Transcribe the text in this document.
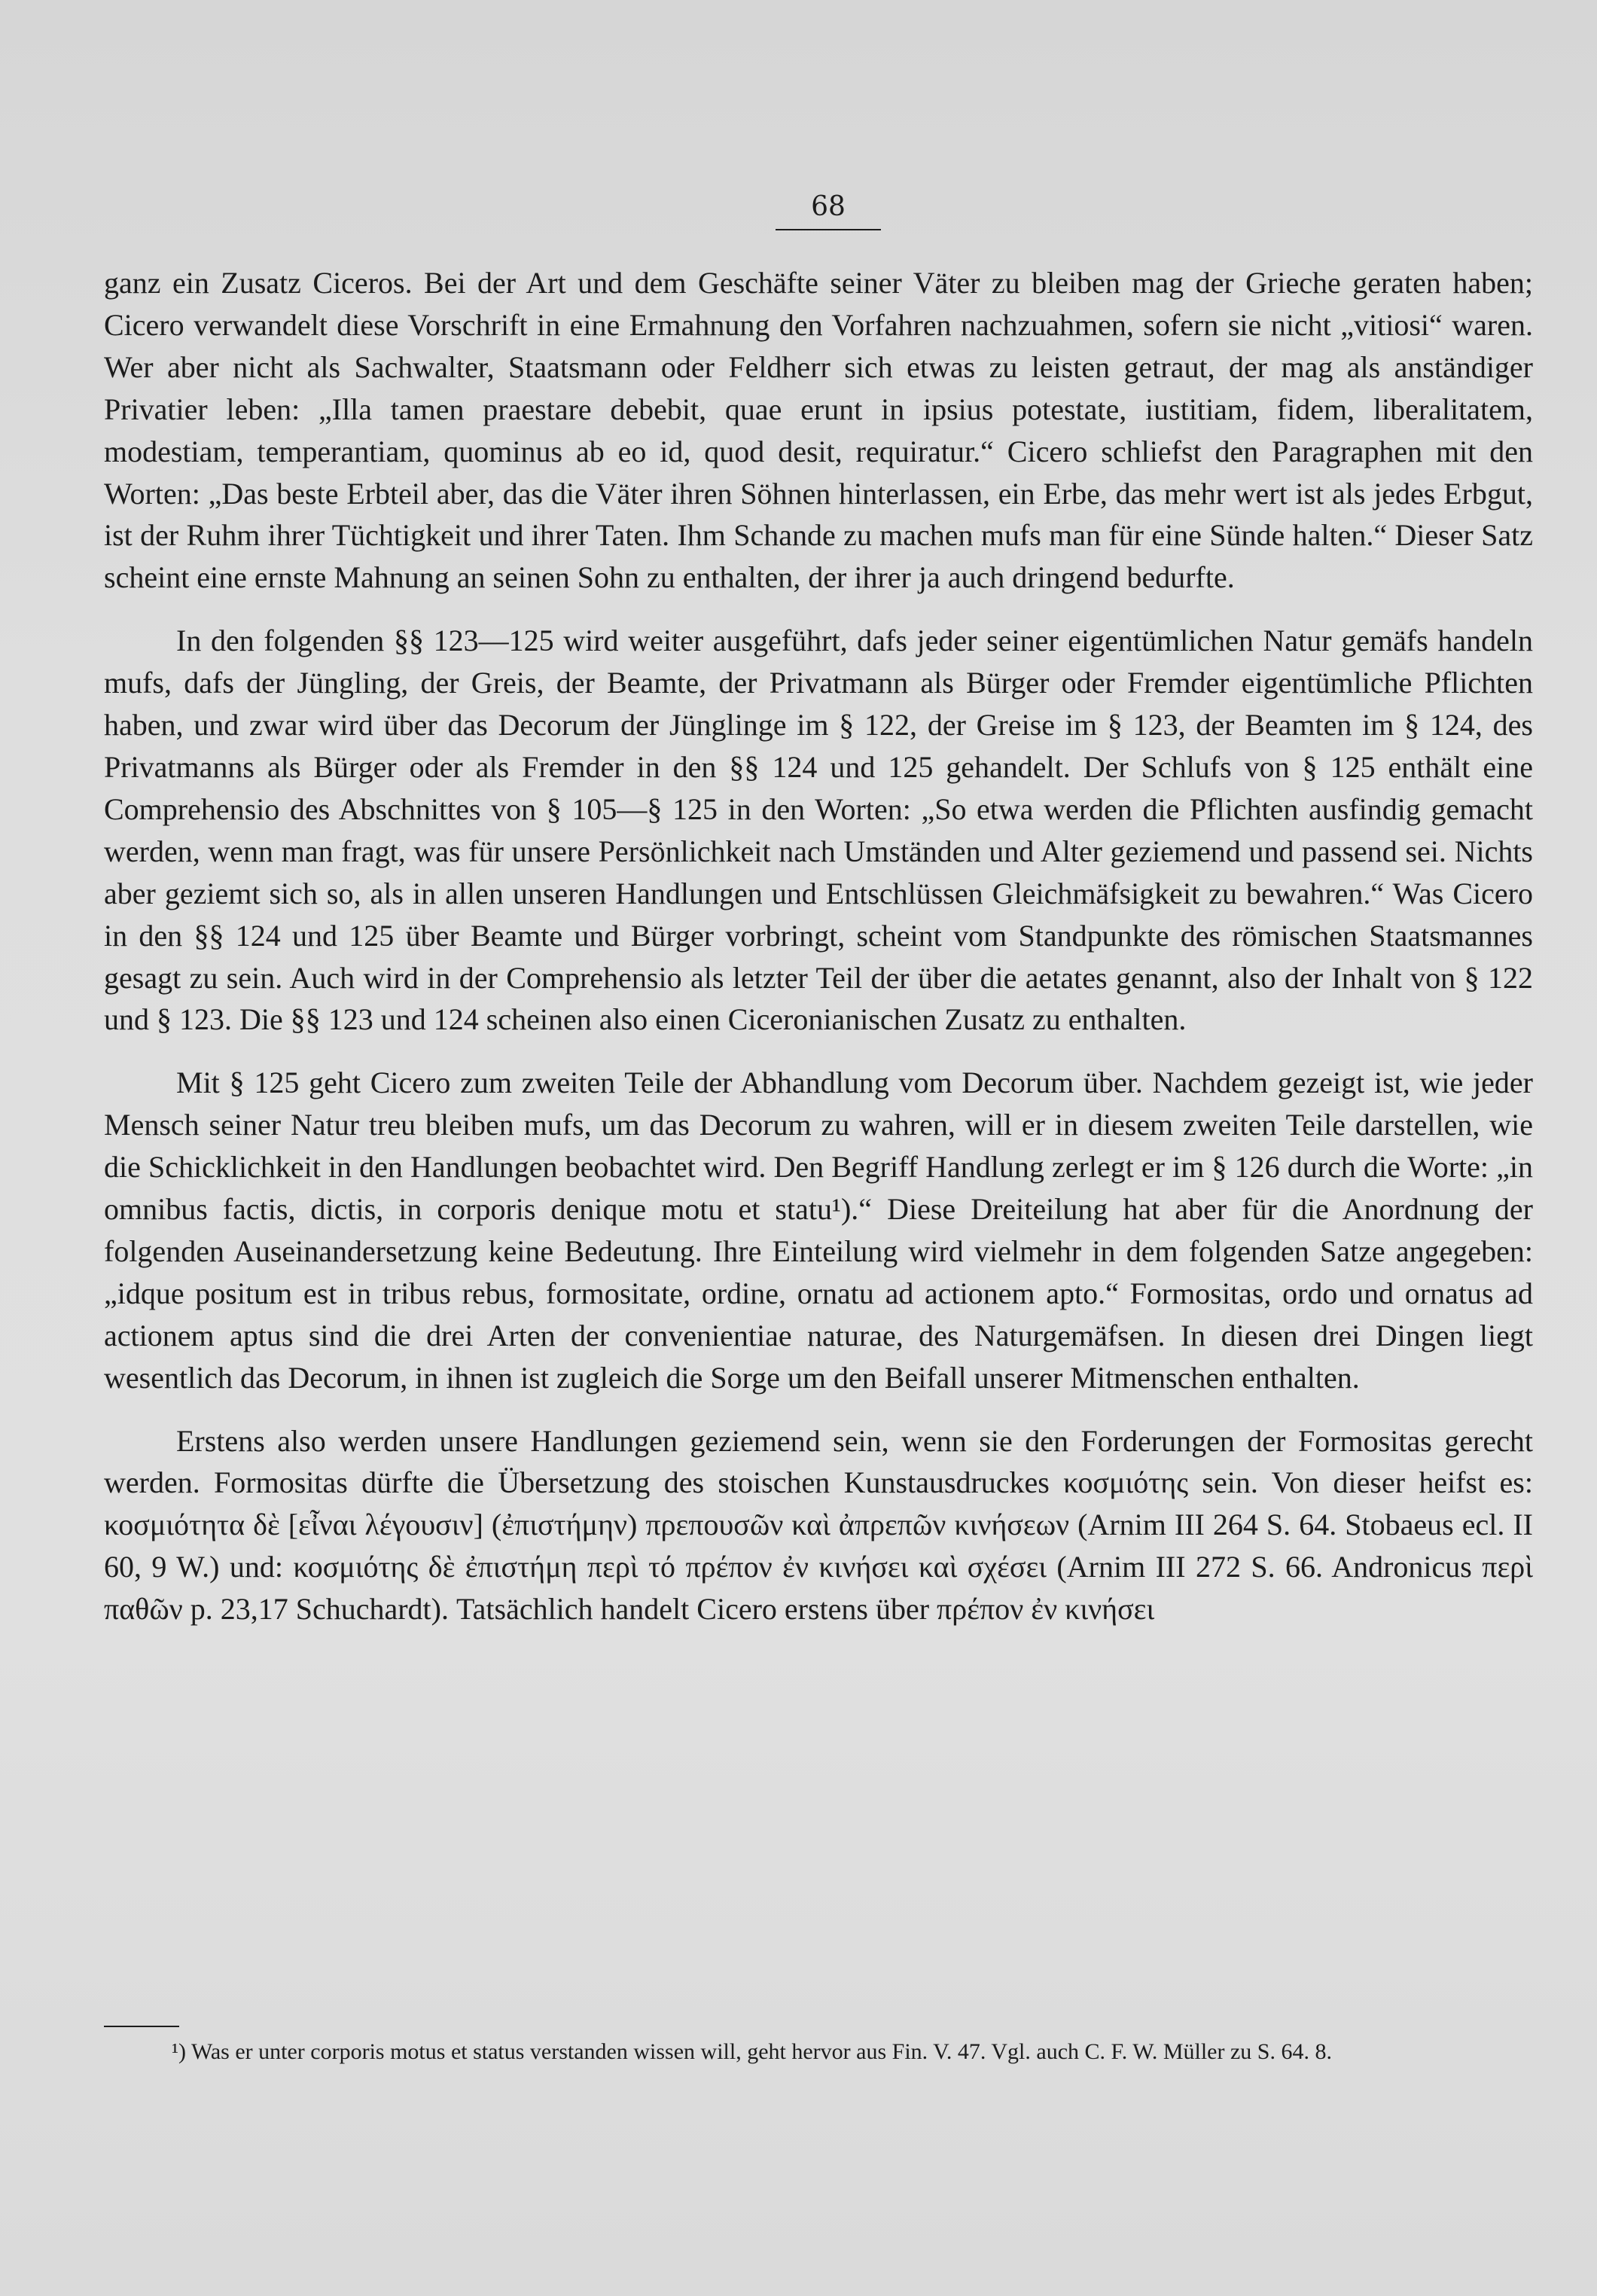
68

ganz ein Zusatz Ciceros. Bei der Art und dem Geschäfte seiner Väter zu bleiben mag der Grieche geraten haben; Cicero verwandelt diese Vorschrift in eine Ermahnung den Vorfahren nachzuahmen, sofern sie nicht „vitiosi“ waren. Wer aber nicht als Sachwalter, Staatsmann oder Feldherr sich etwas zu leisten getraut, der mag als anständiger Privatier leben: „Illa tamen praestare debebit, quae erunt in ipsius potestate, iustitiam, fidem, liberalitatem, modestiam, temperantiam, quominus ab eo id, quod desit, requiratur.“ Cicero schliefst den Paragraphen mit den Worten: „Das beste Erbteil aber, das die Väter ihren Söhnen hinterlassen, ein Erbe, das mehr wert ist als jedes Erbgut, ist der Ruhm ihrer Tüchtigkeit und ihrer Taten. Ihm Schande zu machen mufs man für eine Sünde halten.“ Dieser Satz scheint eine ernste Mahnung an seinen Sohn zu enthalten, der ihrer ja auch dringend bedurfte.

In den folgenden §§ 123—125 wird weiter ausgeführt, dafs jeder seiner eigentümlichen Natur gemäfs handeln mufs, dafs der Jüngling, der Greis, der Beamte, der Privatmann als Bürger oder Fremder eigentümliche Pflichten haben, und zwar wird über das Decorum der Jünglinge im § 122, der Greise im § 123, der Beamten im § 124, des Privatmanns als Bürger oder als Fremder in den §§ 124 und 125 gehandelt. Der Schlufs von § 125 enthält eine Comprehensio des Abschnittes von § 105—§ 125 in den Worten: „So etwa werden die Pflichten ausfindig gemacht werden, wenn man fragt, was für unsere Persönlichkeit nach Umständen und Alter geziemend und passend sei. Nichts aber geziemt sich so, als in allen unseren Handlungen und Entschlüssen Gleichmäfsigkeit zu bewahren.“ Was Cicero in den §§ 124 und 125 über Beamte und Bürger vorbringt, scheint vom Standpunkte des römischen Staatsmannes gesagt zu sein. Auch wird in der Comprehensio als letzter Teil der über die aetates genannt, also der Inhalt von § 122 und § 123. Die §§ 123 und 124 scheinen also einen Ciceronianischen Zusatz zu enthalten.

Mit § 125 geht Cicero zum zweiten Teile der Abhandlung vom Decorum über. Nachdem gezeigt ist, wie jeder Mensch seiner Natur treu bleiben mufs, um das Decorum zu wahren, will er in diesem zweiten Teile darstellen, wie die Schicklichkeit in den Handlungen beobachtet wird. Den Begriff Handlung zerlegt er im § 126 durch die Worte: „in omnibus factis, dictis, in corporis denique motu et statu¹).“ Diese Dreiteilung hat aber für die Anordnung der folgenden Auseinandersetzung keine Bedeutung. Ihre Einteilung wird vielmehr in dem folgenden Satze angegeben: „idque positum est in tribus rebus, formositate, ordine, ornatu ad actionem apto.“ Formositas, ordo und ornatus ad actionem aptus sind die drei Arten der convenientiae naturae, des Naturgemäfsen. In diesen drei Dingen liegt wesentlich das Decorum, in ihnen ist zugleich die Sorge um den Beifall unserer Mitmenschen enthalten.

Erstens also werden unsere Handlungen geziemend sein, wenn sie den Forderungen der Formositas gerecht werden. Formositas dürfte die Übersetzung des stoischen Kunstausdruckes κοσμιότης sein. Von dieser heifst es: κοσμιότητα δὲ [εἶναι λέγουσιν] (ἐπιστήμην) πρεπουσῶν καὶ ἀπρεπῶν κινήσεων (Arnim III 264 S. 64. Stobaeus ecl. II 60, 9 W.) und: κοσμιότης δὲ ἐπιστήμη περὶ τό πρέπον ἐν κινήσει καὶ σχέσει (Arnim III 272 S. 66. Andronicus περὶ παθῶν p. 23,17 Schuchardt). Tatsächlich handelt Cicero erstens über πρέπον ἐν κινήσει

¹) Was er unter corporis motus et status verstanden wissen will, geht hervor aus Fin. V. 47. Vgl. auch C. F. W. Müller zu S. 64. 8.
